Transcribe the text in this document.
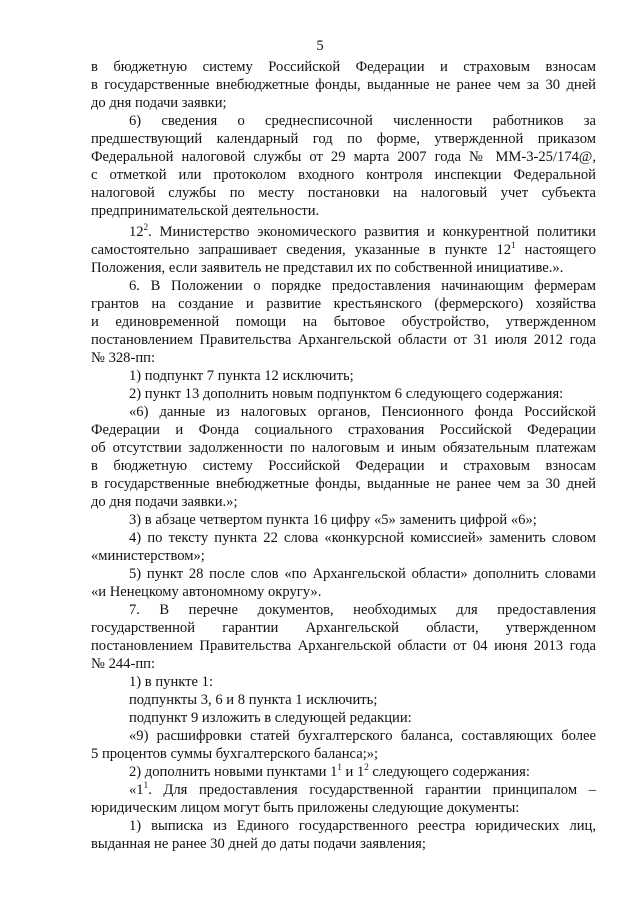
5
в бюджетную систему Российской Федерации и страховым взносам
в государственные внебюджетные фонды, выданные не ранее чем за 30 дней
до дня подачи заявки;
6) сведения о среднесписочной численности работников за
предшествующий календарный год по форме, утвержденной приказом
Федеральной налоговой службы от 29 марта 2007 года № ММ-3-25/174@,
с отметкой или протоколом входного контроля инспекции Федеральной
налоговой службы по месту постановки на налоговый учет субъекта
предпринимательской деятельности.
$12^2$. Министерство экономического развития и конкурентной политики
самостоятельно запрашивает сведения, указанные в пункте $12^1$ настоящего
Положения, если заявитель не представил их по собственной инициативе.».
6. В Положении о порядке предоставления начинающим фермерам
грантов на создание и развитие крестьянского (фермерского) хозяйства
и единовременной помощи на бытовое обустройство, утвержденном
постановлением Правительства Архангельской области от 31 июля 2012 года
№ 328-пп:
1) подпункт 7 пункта 12 исключить;
2) пункт 13 дополнить новым подпунктом 6 следующего содержания:
«6) данные из налоговых органов, Пенсионного фонда Российской
Федерации и Фонда социального страхования Российской Федерации
об отсутствии задолженности по налоговым и иным обязательным платежам
в бюджетную систему Российской Федерации и страховым взносам
в государственные внебюджетные фонды, выданные не ранее чем за 30 дней
до дня подачи заявки.»;
3) в абзаце четвертом пункта 16 цифру «5» заменить цифрой «6»;
4) по тексту пункта 22 слова «конкурсной комиссией» заменить словом
«министерством»;
5) пункт 28 после слов «по Архангельской области» дополнить словами
«и Ненецкому автономному округу».
7. В перечне документов, необходимых для предоставления
государственной гарантии Архангельской области, утвержденном
постановлением Правительства Архангельской области от 04 июня 2013 года
№ 244-пп:
1) в пункте 1:
подпункты 3, 6 и 8 пункта 1 исключить;
подпункт 9 изложить в следующей редакции:
«9) расшифровки статей бухгалтерского баланса, составляющих более
5 процентов суммы бухгалтерского баланса;»;
2) дополнить новыми пунктами $1^1$ и $1^2$ следующего содержания:
«$1^1$. Для предоставления государственной гарантии принципалом –
юридическим лицом могут быть приложены следующие документы:
1) выписка из Единого государственного реестра юридических лиц,
выданная не ранее 30 дней до даты подачи заявления;
